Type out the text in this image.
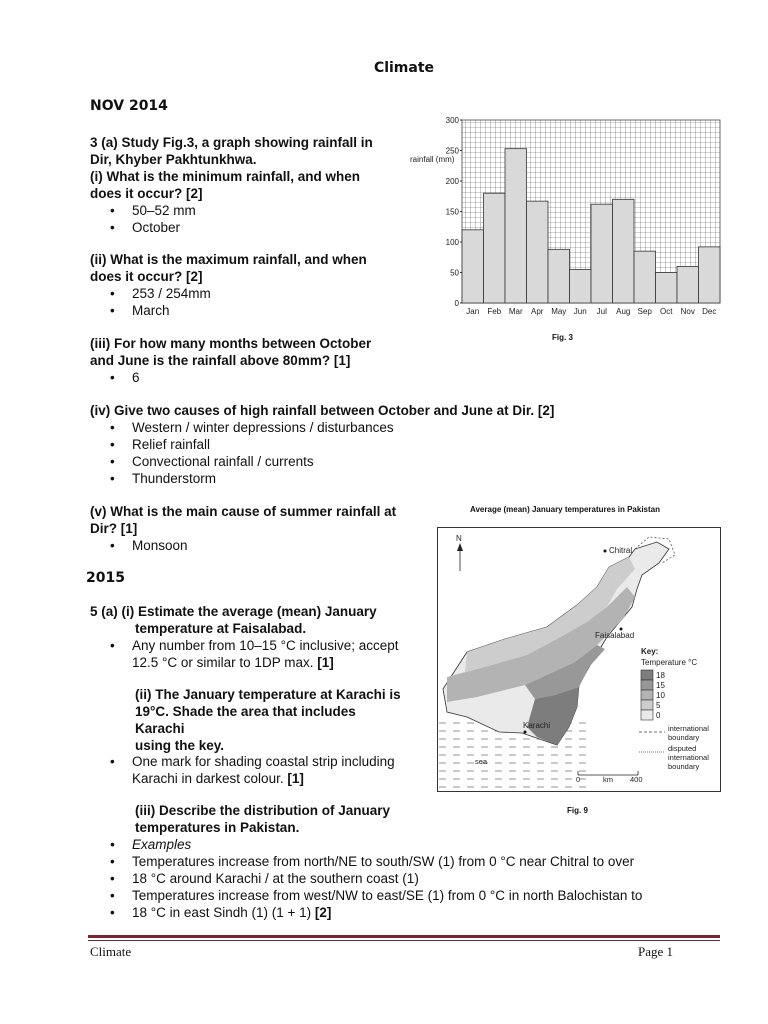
Climate
NOV 2014
3 (a) Study Fig.3, a graph showing rainfall in
Dir, Khyber Pakhtunkhwa.
(i) What is the minimum rainfall, and when
does it occur? [2]
• 50–52 mm
• October
(ii) What is the maximum rainfall, and when
does it occur? [2]
• 253 / 254mm
• March
(iii) For how many months between October
and June is the rainfall above 80mm? [1]
• 6
(iv) Give two causes of high rainfall between October and June at Dir. [2]
• Western / winter depressions / disturbances
• Relief rainfall
• Convectional rainfall / currents
• Thunderstorm
(v) What is the main cause of summer rainfall at
Dir? [1]
• Monsoon
2015
5 (a) (i) Estimate the average (mean) January
temperature at Faisalabad.
• Any number from 10–15 °C inclusive; accept
12.5 °C or similar to 1DP max. [1]
(ii) The January temperature at Karachi is
19°C. Shade the area that includes
Karachi
using the key.
• One mark for shading coastal strip including
Karachi in darkest colour. [1]
(iii) Describe the distribution of January
temperatures in Pakistan.
• Examples
• Temperatures increase from north/NE to south/SW (1) from 0 °C near Chitral to over
• 18 °C around Karachi / at the southern coast (1)
• Temperatures increase from west/NW to east/SE (1) from 0 °C in north Balochistan to
• 18 °C in east Sindh (1) (1 + 1) [2]
rainfall (mm)
0
50
100
150
200
250
300
Jan Feb Mar Apr May Jun Jul Aug Sep Oct Nov Dec
Fig. 3
Average (mean) January temperatures in Pakistan
N
Chitral
Faisalabad
Karachi
sea
Key:
Temperature °C
18
15
10
5
0
international
boundary
disputed
international
boundary
0	km 400
Fig. 9
Climate	Page 1
